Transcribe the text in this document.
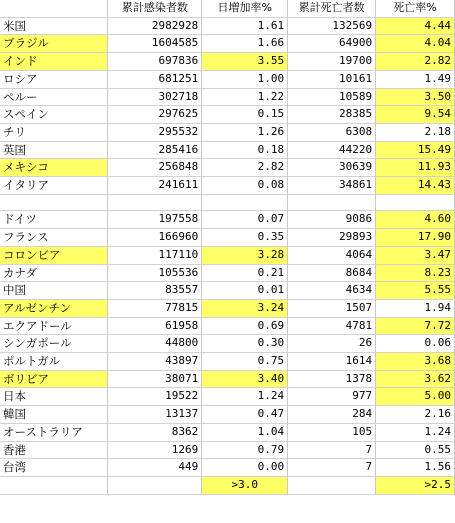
	累計感染者数	日増加率%	累計死亡者数	死亡率%
米国	2982928	1.61	132569	4.44
ブラジル	1604585	1.66	64900	4.04
インド	697836	3.55	19700	2.82
ロシア	681251	1.00	10161	1.49
ペルー	302718	1.22	10589	3.50
スペイン	297625	0.15	28385	9.54
チリ	295532	1.26	6308	2.18
英国	285416	0.18	44220	15.49
メキシコ	256848	2.82	30639	11.93
イタリア	241611	0.08	34861	14.43

ドイツ	197558	0.07	9086	4.60
フランス	166960	0.35	29893	17.90
コロンビア	117110	3.28	4064	3.47
カナダ	105536	0.21	8684	8.23
中国	83557	0.01	4634	5.55
アルゼンチン	77815	3.24	1507	1.94
エクアドール	61958	0.69	4781	7.72
シンガポール	44800	0.30	26	0.06
ポルトガル	43897	0.75	1614	3.68
ボリビア	38071	3.40	1378	3.62
日本	19522	1.24	977	5.00
韓国	13137	0.47	284	2.16
オーストラリア	8362	1.04	105	1.24
香港	1269	0.79	7	0.55
台湾	449	0.00	7	1.56
		>3.0		>2.5
